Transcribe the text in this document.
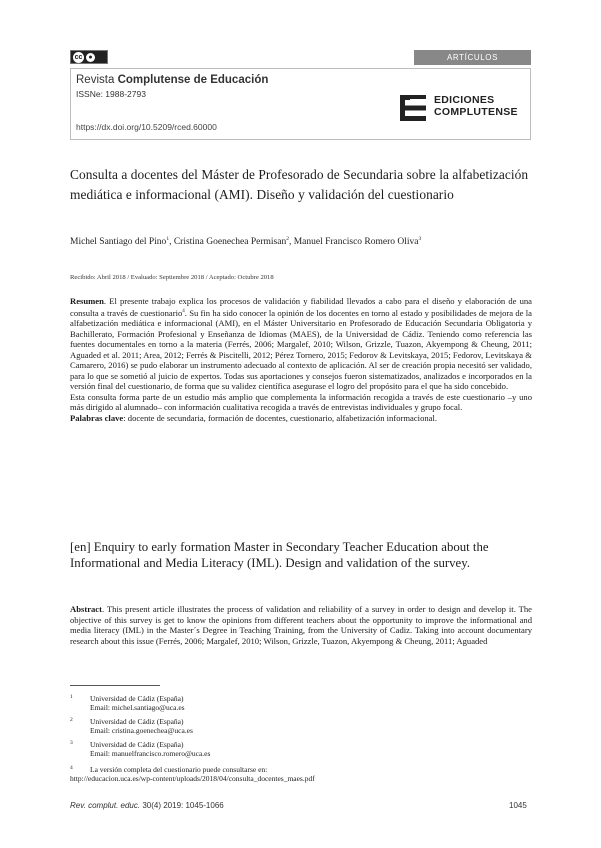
cc ●	ARTÍCULOS
Revista Complutense de Educación
ISSNe: 1988-2793
https://dx.doi.org/10.5209/rced.60000
EDICIONES
COMPLUTENSE
Consulta a docentes del Máster de Profesorado de Secundaria sobre la alfabetización mediática e informacional (AMI). Diseño y validación del cuestionario
Michel Santiago del Pino$^1$, Cristina Goenechea Permisan$^2$, Manuel Francisco Romero Oliva$^3$
Recibido: Abril 2018 / Evaluado: Septiembre 2018 / Aceptado: Octubre 2018

Resumen. El presente trabajo explica los procesos de validación y fiabilidad llevados a cabo para el diseño y elaboración de una consulta a través de cuestionario$^4$. Su fin ha sido conocer la opinión de los docentes en torno al estado y posibilidades de mejora de la alfabetización mediática e informacional (AMI), en el Máster Universitario en Profesorado de Educación Secundaria Obligatoria y Bachillerato, Formación Profesional y Enseñanza de Idiomas (MAES), de la Universidad de Cádiz. Teniendo como referencia las fuentes documentales en torno a la materia (Ferrés, 2006; Margalef, 2010; Wilson, Grizzle, Tuazon, Akyempong & Cheung, 2011; Aguaded et al. 2011; Area, 2012; Ferrés & Piscitelli, 2012; Pérez Tornero, 2015; Fedorov & Levitskaya, 2015; Fedorov, Levitskaya & Camarero, 2016) se pudo elaborar un instrumento adecuado al contexto de aplicación. Al ser de creación propia necesitó ser validado, para lo que se sometió al juicio de expertos. Todas sus aportaciones y consejos fueron sistematizados, analizados e incorporados en la versión final del cuestionario, de forma que su validez científica asegurase el logro del propósito para el que ha sido concebido.

Esta consulta forma parte de un estudio más amplio que complementa la información recogida a través de este cuestionario –y uno más dirigido al alumnado– con información cualitativa recogida a través de entrevistas individuales y grupo focal.

Palabras clave: docente de secundaria, formación de docentes, cuestionario, alfabetización informacional.

[en] Enquiry to early formation Master in Secondary Teacher Education about the Informational and Media Literacy (IML). Design and validation of the survey.
Abstract. This present article illustrates the process of validation and reliability of a survey in order to design and develop it. The objective of this survey is get to know the opinions from different teachers about the opportunity to improve the informational and media literacy (IML) in the Master´s Degree in Teaching Training, from the University of Cadiz. Taking into account documentary research about this issue (Ferrés, 2006; Margalef, 2010; Wilson, Grizzle, Tuazon, Akyempong & Cheung, 2011; Aguaded
1 Universidad de Cádiz (España)
Email: michel.santiago@uca.es
2 Universidad de Cádiz (España)
Email: cristina.goenechea@uca.es
3 Universidad de Cádiz (España)
Email: manuelfrancisco.romero@uca.es
4 La versión completa del cuestionario puede consultarse en:
http://educacion.uca.es/wp-content/uploads/2018/04/consulta_docentes_maes.pdf
Rev. complut. educ. 30(4) 2019: 1045-1066	1045
